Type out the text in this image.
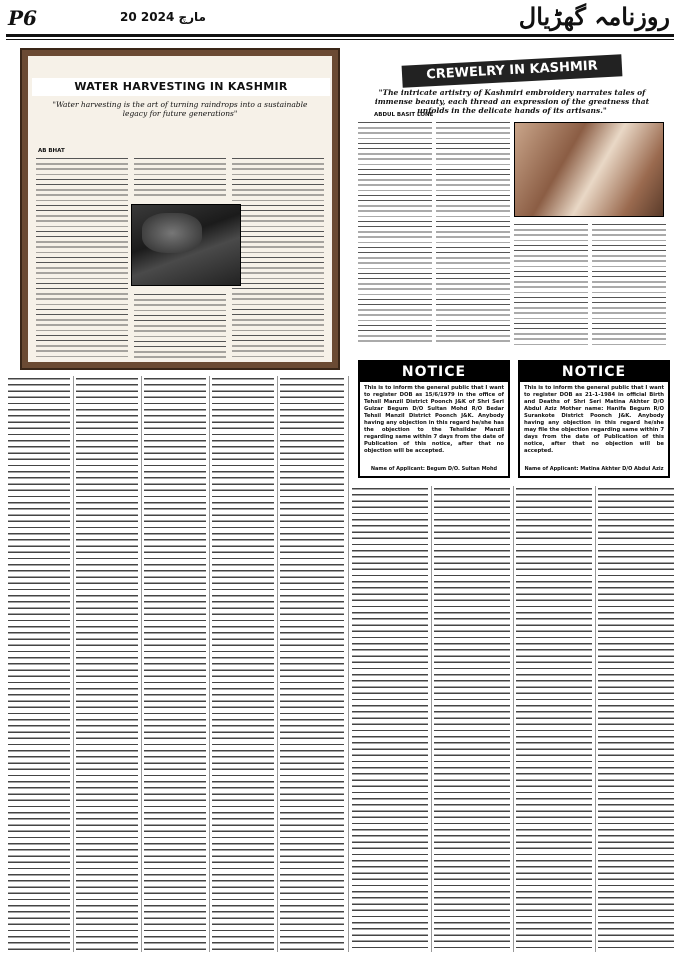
P6	20 مارچ 2024	روزنامہ گھڑیال
WATER HARVESTING IN KASHMIR
"Water harvesting is the art of turning raindrops into a sustainable legacy for future generations"
AB BHAT
CREWELRY IN KASHMIR
"The intricate artistry of Kashmiri embroidery narrates tales of immense beauty, each thread an expression of the greatness that unfolds in the delicate hands of its artisans."
ABDUL BASIT LONE
NOTICE
This is to inform the general public that I want to register DOB as 15/6/1979 in the office of Tehsil Manzil District Poonch J&K of Shri Seri Gulzar Begum D/O Sultan Mohd R/O Bedar Tehsil Manzil District Poonch J&K. Anybody having any objection in this regard he/she has the objection to the Tehsildar Manzil regarding same within 7 days from the date of Publication of this notice, after that no objection will be accepted.
Name of Applicant: Begum D/O. Sultan Mohd
NOTICE
This is to inform the general public that I want to register DOB as 21-1-1984 in official Birth and Deaths of Shri Seri Matina Akhter D/O Abdul Aziz Mother name: Hanifa Begum R/O Surankote District Poonch J&K. Anybody having any objection in this regard he/she may file the objection regarding same within 7 days from the date of Publication of this notice, after that no objection will be accepted.
Name of Applicant: Matina Akhter D/O Abdul Aziz
